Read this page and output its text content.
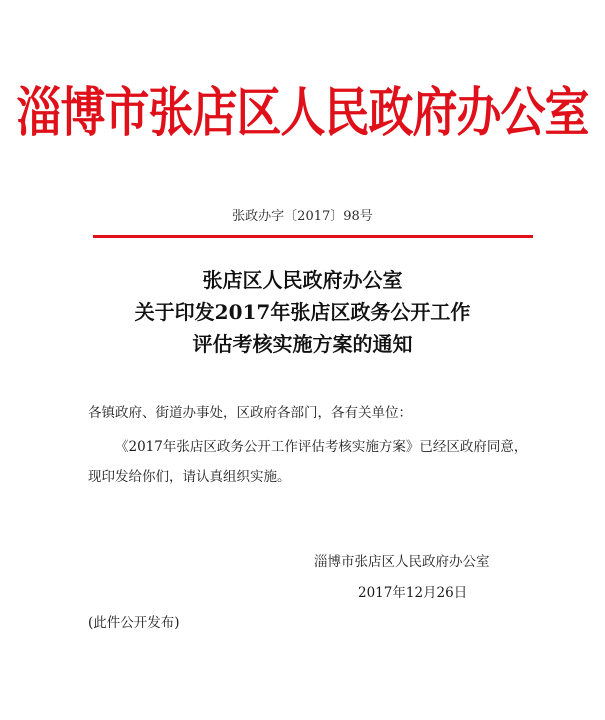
淄博市张店区人民政府办公室
张政办字〔2017〕98号
张店区人民政府办公室
关于印发2017年张店区政务公开工作
评估考核实施方案的通知
各镇政府、街道办事处，区政府各部门，各有关单位：
《2017年张店区政务公开工作评估考核实施方案》已经区政府同意，现印发给你们，请认真组织实施。
淄博市张店区人民政府办公室
2017年12月26日
(此件公开发布)
